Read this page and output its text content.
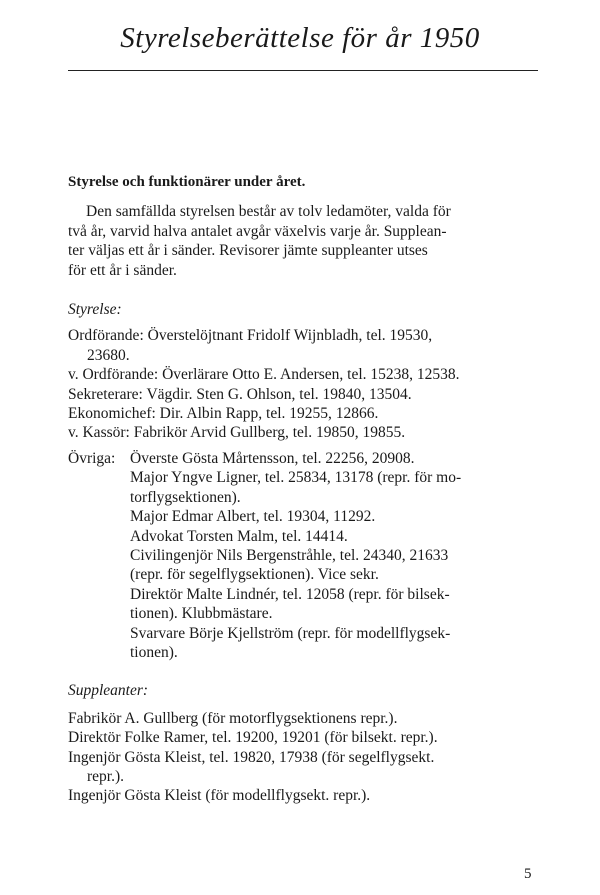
Styrelseberättelse för år 1950
Styrelse och funktionärer under året.
Den samfällda styrelsen består av tolv ledamöter, valda för
två år, varvid halva antalet avgår växelvis varje år. Supplean-
ter väljas ett år i sänder. Revisorer jämte suppleanter utses
för ett år i sänder.
Styrelse:
Ordförande: Överstelöjtnant Fridolf Wijnbladh, tel. 19530,
23680.
v. Ordförande: Överlärare Otto E. Andersen, tel. 15238, 12538.
Sekreterare: Vägdir. Sten G. Ohlson, tel. 19840, 13504.
Ekonomichef: Dir. Albin Rapp, tel. 19255, 12866.
v. Kassör: Fabrikör Arvid Gullberg, tel. 19850, 19855.
Övriga: Överste Gösta Mårtensson, tel. 22256, 20908.
Major Yngve Ligner, tel. 25834, 13178 (repr. för mo-
torflygsektionen).
Major Edmar Albert, tel. 19304, 11292.
Advokat Torsten Malm, tel. 14414.
Civilingenjör Nils Bergenstråhle, tel. 24340, 21633
(repr. för segelflygsektionen). Vice sekr.
Direktör Malte Lindnér, tel. 12058 (repr. för bilsek-
tionen). Klubbmästare.
Svarvare Börje Kjellström (repr. för modellflygsek-
tionen).
Suppleanter:
Fabrikör A. Gullberg (för motorflygsektionens repr.).
Direktör Folke Ramer, tel. 19200, 19201 (för bilsekt. repr.).
Ingenjör Gösta Kleist, tel. 19820, 17938 (för segelflygsekt.
repr.).
Ingenjör Gösta Kleist (för modellflygsekt. repr.).
5
